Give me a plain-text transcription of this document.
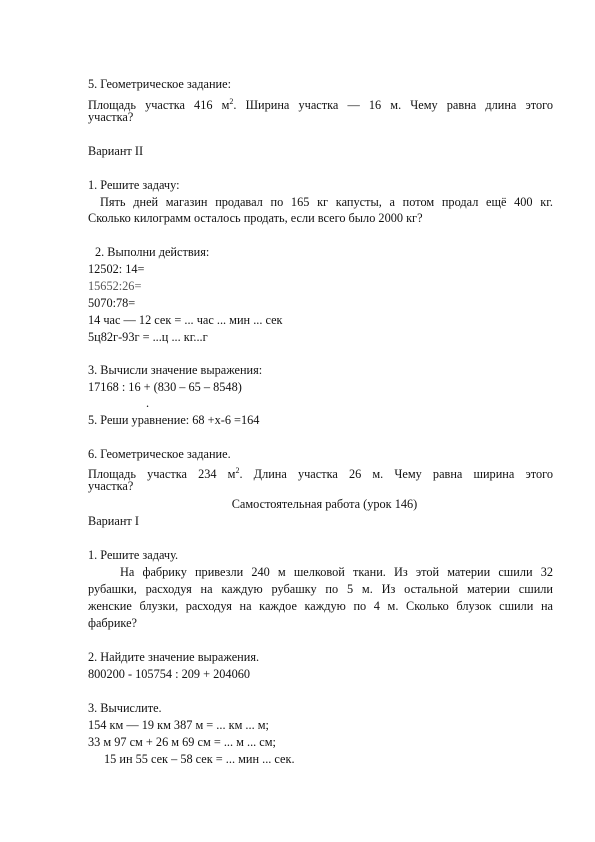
5. Геометрическое задание:
Площадь участка 416 $м^2$. Ширина участка — 16 м. Чему равна длина этого
участка?
Вариант II
1. Решите задачу:
Пять дней магазин продавал по 165 кг капусты, а потом продал ещё 400 кг.
Сколько килограмм осталось продать, если всего было 2000 кг?
2. Выполни действия:
12502: 14=
15652:26=
5070:78=
14 час — 12 сек = ... час ... мин ... сек
5ц82г-93г = ...ц ... кг...г
3. Вычисли значение выражения:
17168 : 16 + (830 – 65 – 8548)
.
5. Реши уравнение: 68 +х-6 =164
6. Геометрическое задание.
Площадь участка 234 $м^2$. Длина участка 26 м. Чему равна ширина этого
участка?
Самостоятельная работа (урок 146)
Вариант I
1. Решите задачу.
На фабрику привезли 240 м шелковой ткани. Из этой материи сшили 32
рубашки, расходуя на каждую рубашку по 5 м. Из остальной материи сшили
женские блузки, расходуя на каждое каждую по 4 м. Сколько блузок сшили на
фабрике?
2. Найдите значение выражения.
800200 - 105754 : 209 + 204060
3. Вычислите.
154 км — 19 км 387 м = ... км ... м;
33 м 97 см + 26 м 69 см = ... м ... см;
15 ин 55 сек – 58 сек = ... мин ... сек.
